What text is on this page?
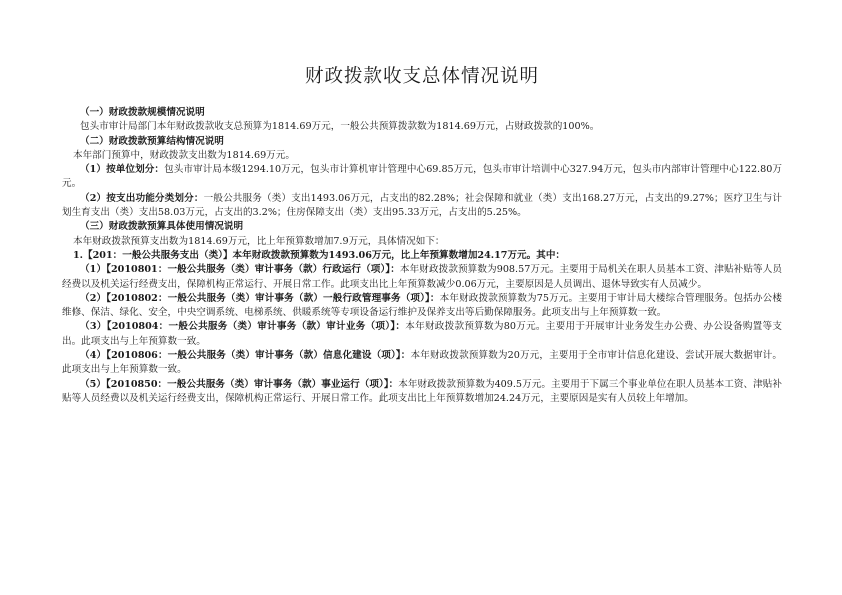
财政拨款收支总体情况说明

（一）财政拨款规模情况说明

包头市审计局部门本年财政拨款收支总预算为1814.69万元，一般公共预算拨款数为1814.69万元，占财政拨款的100%。

（二）财政拨款预算结构情况说明

本年部门预算中，财政拨款支出数为1814.69万元。

（1）按单位划分：包头市审计局本级1294.10万元，包头市计算机审计管理中心69.85万元，包头市审计培训中心327.94万元，包头市内部审计管理中心122.80万元。

（2）按支出功能分类划分：一般公共服务（类）支出1493.06万元，占支出的82.28%；社会保障和就业（类）支出168.27万元，占支出的9.27%；医疗卫生与计划生育支出（类）支出58.03万元，占支出的3.2%；住房保障支出（类）支出95.33万元，占支出的5.25%。

（三）财政拨款预算具体使用情况说明

本年财政拨款预算支出数为1814.69万元，比上年预算数增加7.9万元，具体情况如下：

1.【201：一般公共服务支出（类）】本年财政拨款预算数为1493.06万元，比上年预算数增加24.17万元。其中：

（1）【2010801：一般公共服务（类）审计事务（款）行政运行（项）】：本年财政拨款预算数为908.57万元。主要用于局机关在职人员基本工资、津贴补贴等人员经费以及机关运行经费支出，保障机构正常运行、开展日常工作。此项支出比上年预算数减少0.06万元，主要原因是人员调出、退休导致实有人员减少。

（2）【2010802：一般公共服务（类）审计事务（款）一般行政管理事务（项）】：本年财政拨款预算数为75万元。主要用于审计局大楼综合管理服务。包括办公楼维修、保洁、绿化、安全，中央空调系统、电梯系统、供暖系统等专项设备运行维护及保养支出等后勤保障服务。此项支出与上年预算数一致。

（3）【2010804：一般公共服务（类）审计事务（款）审计业务（项）】：本年财政拨款预算数为80万元。主要用于开展审计业务发生办公费、办公设备购置等支出。此项支出与上年预算数一致。

（4）【2010806：一般公共服务（类）审计事务（款）信息化建设（项）】：本年财政拨款预算数为20万元，主要用于全市审计信息化建设、尝试开展大数据审计。此项支出与上年预算数一致。

（5）【2010850：一般公共服务（类）审计事务（款）事业运行（项）】：本年财政拨款预算数为409.5万元。主要用于下属三个事业单位在职人员基本工资、津贴补贴等人员经费以及机关运行经费支出，保障机构正常运行、开展日常工作。此项支出比上年预算数增加24.24万元，主要原因是实有人员较上年增加。
